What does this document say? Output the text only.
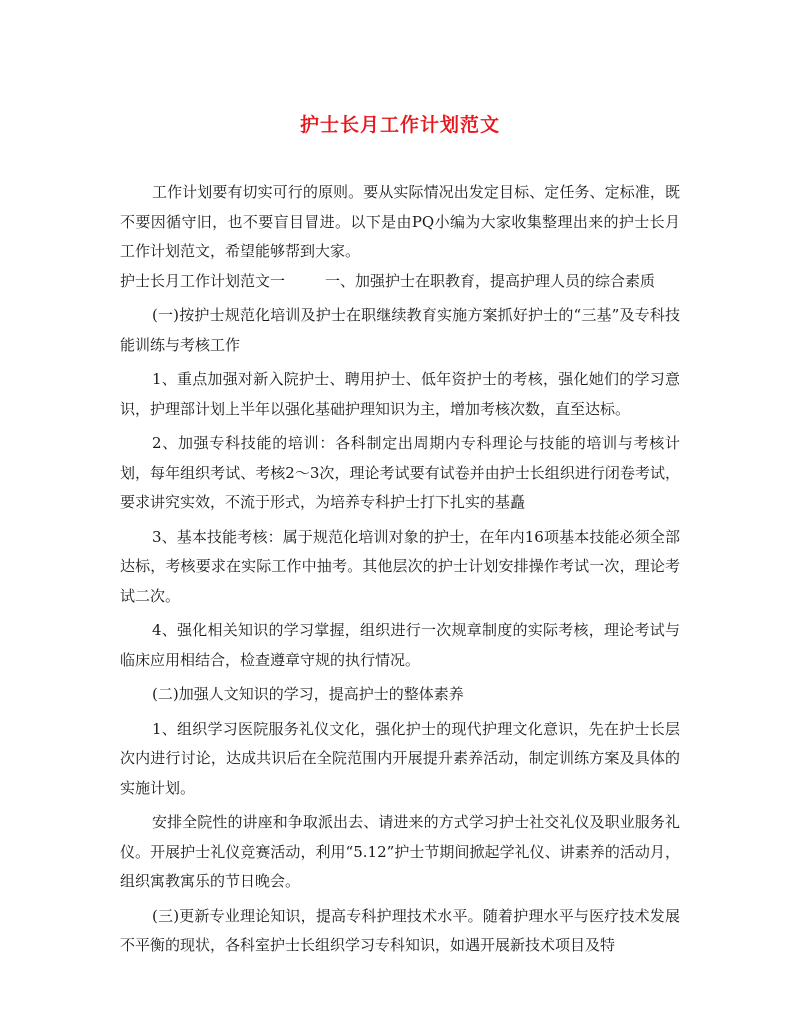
护士长月工作计划范文

工作计划要有切实可行的原则。要从实际情况出发定目标、定任务、定标准，既不要因循守旧，也不要盲目冒进。以下是由PQ小编为大家收集整理出来的护士长月工作计划范文，希望能够帮到大家。

护士长月工作计划范文一	一、加强护士在职教育，提高护理人员的综合素质

(一)按护士规范化培训及护士在职继续教育实施方案抓好护士的“三基”及专科技能训练与考核工作

1、重点加强对新入院护士、聘用护士、低年资护士的考核，强化她们的学习意识，护理部计划上半年以强化基础护理知识为主，增加考核次数，直至达标。

2、加强专科技能的培训：各科制定出周期内专科理论与技能的培训与考核计划，每年组织考试、考核2～3次，理论考试要有试卷并由护士长组织进行闭卷考试，要求讲究实效，不流于形式，为培养专科护士打下扎实的基矗

3、基本技能考核：属于规范化培训对象的护士，在年内16项基本技能必须全部达标，考核要求在实际工作中抽考。其他层次的护士计划安排操作考试一次，理论考试二次。

4、强化相关知识的学习掌握，组织进行一次规章制度的实际考核，理论考试与临床应用相结合，检查遵章守规的执行情况。

(二)加强人文知识的学习，提高护士的整体素养

1、组织学习医院服务礼仪文化，强化护士的现代护理文化意识，先在护士长层次内进行讨论，达成共识后在全院范围内开展提升素养活动，制定训练方案及具体的实施计划。

安排全院性的讲座和争取派出去、请进来的方式学习护士社交礼仪及职业服务礼仪。开展护士礼仪竞赛活动，利用“5.12”护士节期间掀起学礼仪、讲素养的活动月，组织寓教寓乐的节日晚会。

(三)更新专业理论知识，提高专科护理技术水平。随着护理水平与医疗技术发展不平衡的现状，各科室护士长组织学习专科知识，如遇开展新技术项目及特
